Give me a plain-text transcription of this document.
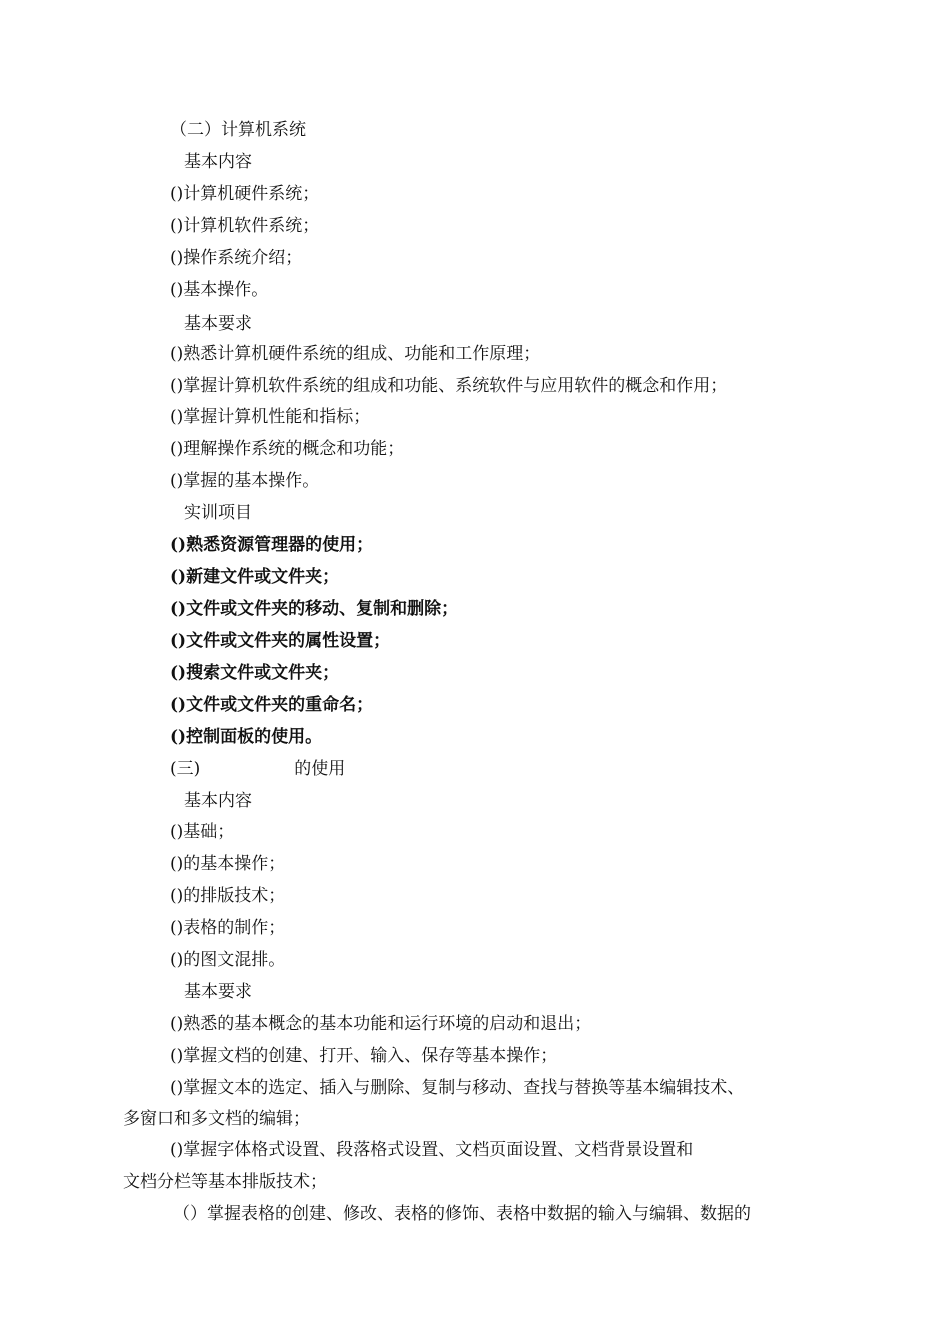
（二）计算机系统
基本内容
()计算机硬件系统；
()计算机软件系统；
()操作系统介绍；
()基本操作。
基本要求
()熟悉计算机硬件系统的组成、功能和工作原理；
()掌握计算机软件系统的组成和功能、系统软件与应用软件的概念和作用；
()掌握计算机性能和指标；
()理解操作系统的概念和功能；
()掌握的基本操作。
实训项目
()熟悉资源管理器的使用；
()新建文件或文件夹；
()文件或文件夹的移动、复制和删除；
()文件或文件夹的属性设置；
()搜索文件或文件夹；
()文件或文件夹的重命名；
()控制面板的使用。
(三)	的使用
基本内容
()基础；
()的基本操作；
()的排版技术；
()表格的制作；
()的图文混排。
基本要求
()熟悉的基本概念的基本功能和运行环境的启动和退出；
()掌握文档的创建、打开、输入、保存等基本操作；
()掌握文本的选定、插入与删除、复制与移动、查找与替换等基本编辑技术、
多窗口和多文档的编辑；
()掌握字体格式设置、段落格式设置、文档页面设置、文档背景设置和
文档分栏等基本排版技术；
（）掌握表格的创建、修改、表格的修饰、表格中数据的输入与编辑、数据的
